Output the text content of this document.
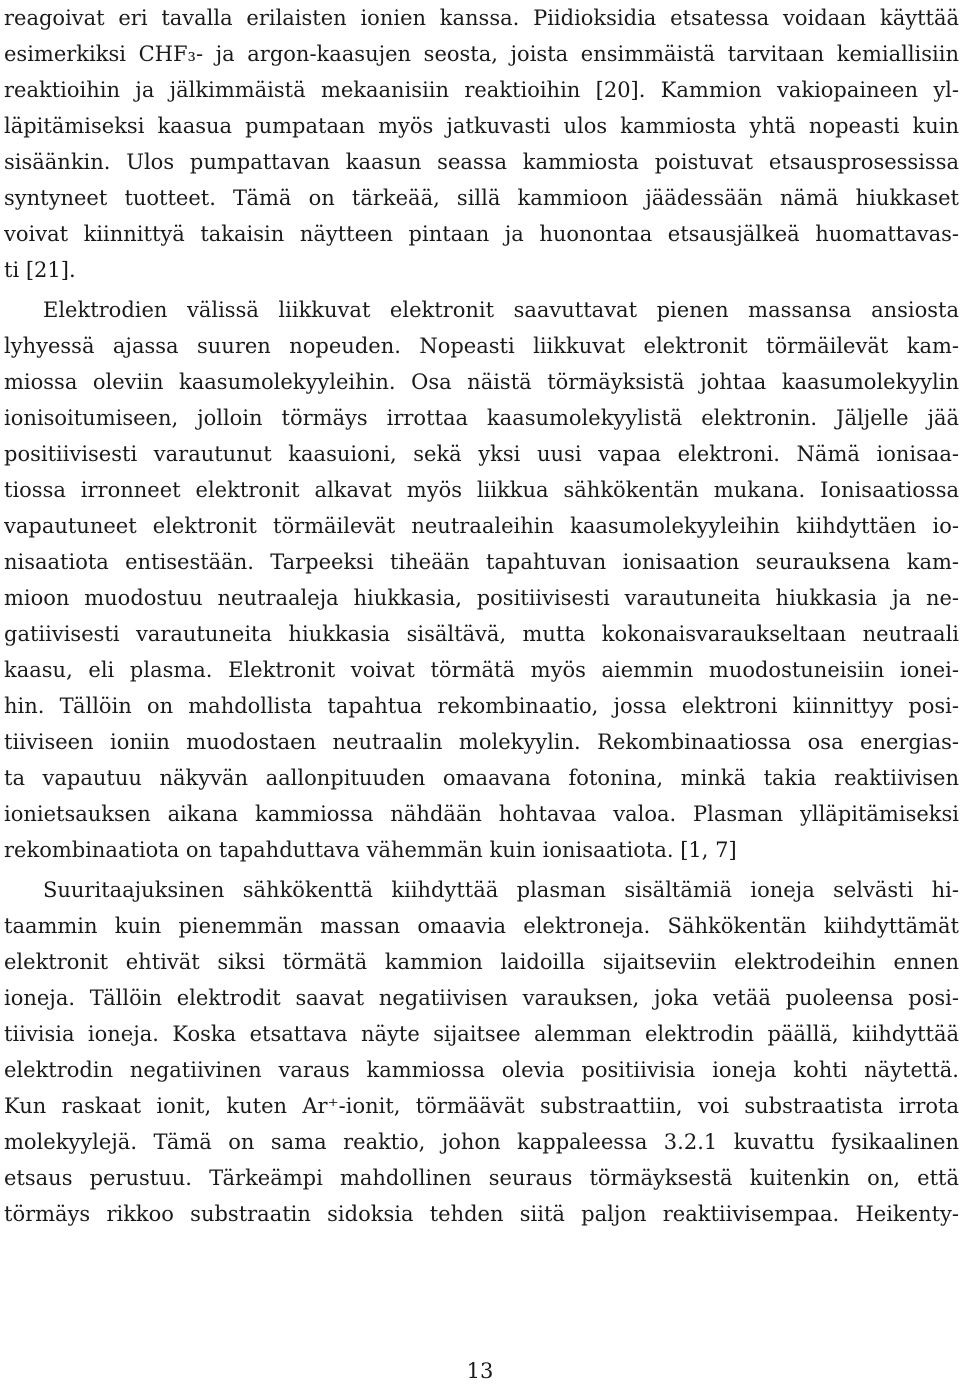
reagoivat eri tavalla erilaisten ionien kanssa. Piidioksidia etsatessa voidaan käyttää
esimerkiksi CHF₃- ja argon-kaasujen seosta, joista ensimmäistä tarvitaan kemiallisiin
reaktioihin ja jälkimmäistä mekaanisiin reaktioihin [20]. Kammion vakiopaineen yl-
läpitämiseksi kaasua pumpataan myös jatkuvasti ulos kammiosta yhtä nopeasti kuin
sisäänkin. Ulos pumpattavan kaasun seassa kammiosta poistuvat etsausprosessissa
syntyneet tuotteet. Tämä on tärkeää, sillä kammioon jäädessään nämä hiukkaset
voivat kiinnittyä takaisin näytteen pintaan ja huonontaa etsausjälkeä huomattavas-
ti [21].
Elektrodien välissä liikkuvat elektronit saavuttavat pienen massansa ansiosta
lyhyessä ajassa suuren nopeuden. Nopeasti liikkuvat elektronit törmäilevät kam-
miossa oleviin kaasumolekyyleihin. Osa näistä törmäyksistä johtaa kaasumolekyylin
ionisoitumiseen, jolloin törmäys irrottaa kaasumolekyylistä elektronin. Jäljelle jää
positiivisesti varautunut kaasuioni, sekä yksi uusi vapaa elektroni. Nämä ionisaa-
tiossa irronneet elektronit alkavat myös liikkua sähkökentän mukana. Ionisaatiossa
vapautuneet elektronit törmäilevät neutraaleihin kaasumolekyyleihin kiihdyttäen io-
nisaatiota entisestään. Tarpeeksi tiheään tapahtuvan ionisaation seurauksena kam-
mioon muodostuu neutraaleja hiukkasia, positiivisesti varautuneita hiukkasia ja ne-
gatiivisesti varautuneita hiukkasia sisältävä, mutta kokonaisvaraukseltaan neutraali
kaasu, eli plasma. Elektronit voivat törmätä myös aiemmin muodostuneisiin ionei-
hin. Tällöin on mahdollista tapahtua rekombinaatio, jossa elektroni kiinnittyy posi-
tiiviseen ioniin muodostaen neutraalin molekyylin. Rekombinaatiossa osa energias-
ta vapautuu näkyvän aallonpituuden omaavana fotonina, minkä takia reaktiivisen
ionietsauksen aikana kammiossa nähdään hohtavaa valoa. Plasman ylläpitämiseksi
rekombinaatiota on tapahduttava vähemmän kuin ionisaatiota. [1, 7]
Suuritaajuksinen sähkökenttä kiihdyttää plasman sisältämiä ioneja selvästi hi-
taammin kuin pienemmän massan omaavia elektroneja. Sähkökentän kiihdyttämät
elektronit ehtivät siksi törmätä kammion laidoilla sijaitseviin elektrodeihin ennen
ioneja. Tällöin elektrodit saavat negatiivisen varauksen, joka vetää puoleensa posi-
tiivisia ioneja. Koska etsattava näyte sijaitsee alemman elektrodin päällä, kiihdyttää
elektrodin negatiivinen varaus kammiossa olevia positiivisia ioneja kohti näytettä.
Kun raskaat ionit, kuten Ar⁺-ionit, törmäävät substraattiin, voi substraatista irrota
molekyylejä. Tämä on sama reaktio, johon kappaleessa 3.2.1 kuvattu fysikaalinen
etsaus perustuu. Tärkeämpi mahdollinen seuraus törmäyksestä kuitenkin on, että
törmäys rikkoo substraatin sidoksia tehden siitä paljon reaktiivisempaa. Heikenty-
13
